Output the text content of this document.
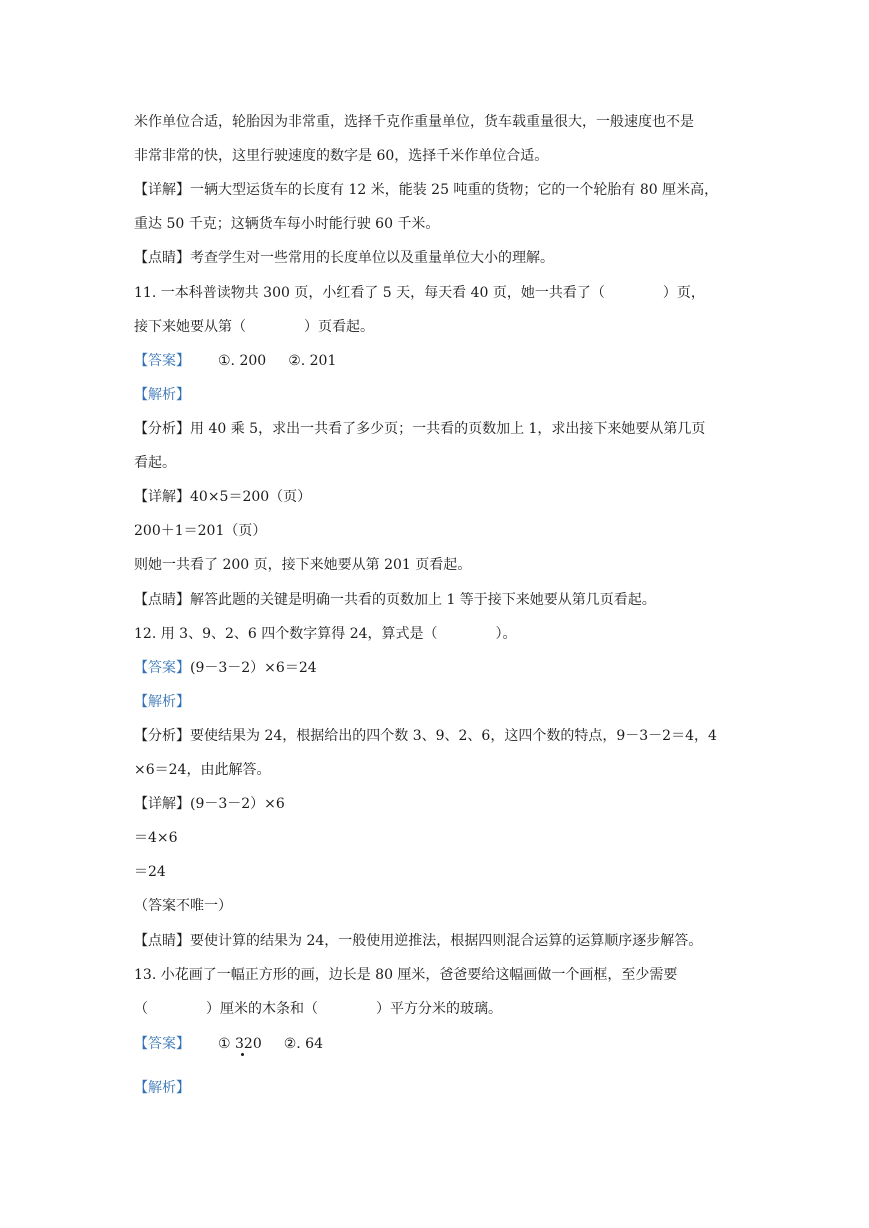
米作单位合适，轮胎因为非常重，选择千克作重量单位，货车载重量很大，一般速度也不是
非常非常的快，这里行驶速度的数字是 60，选择千米作单位合适。
【详解】一辆大型运货车的长度有 12 米，能装 25 吨重的货物；它的一个轮胎有 80 厘米高，
重达 50 千克；这辆货车每小时能行驶 60 千米。
【点睛】考查学生对一些常用的长度单位以及重量单位大小的理解。
11. 一本科普读物共 300 页，小红看了 5 天，每天看 40 页，她一共看了（	）页，
接下来她要从第（	）页看起。
【答案】 ①. 200 ②. 201
【解析】
【分析】用 40 乘 5，求出一共看了多少页；一共看的页数加上 1，求出接下来她要从第几页
看起。
【详解】40×5＝200（页）
200＋1＝201（页）
则她一共看了 200 页，接下来她要从第 201 页看起。
【点睛】解答此题的关键是明确一共看的页数加上 1 等于接下来她要从第几页看起。
12. 用 3、9、2、6 四个数字算得 24，算式是（	）。
【答案】(9－3－2）×6＝24
【解析】
【分析】要使结果为 24，根据给出的四个数 3、9、2、6，这四个数的特点，9－3－2＝4，4
×6＝24，由此解答。
【详解】(9－3－2）×6
＝4×6
＝24
（答案不唯一）
【点睛】要使计算的结果为 24，一般使用逆推法，根据四则混合运算的运算顺序逐步解答。
13. 小花画了一幅正方形的画，边长是 80 厘米，爸爸要给这幅画做一个画框，至少需要
（	）厘米的木条和（	）平方分米的玻璃。
【答案】 ① 320 ②. 64
【解析】
